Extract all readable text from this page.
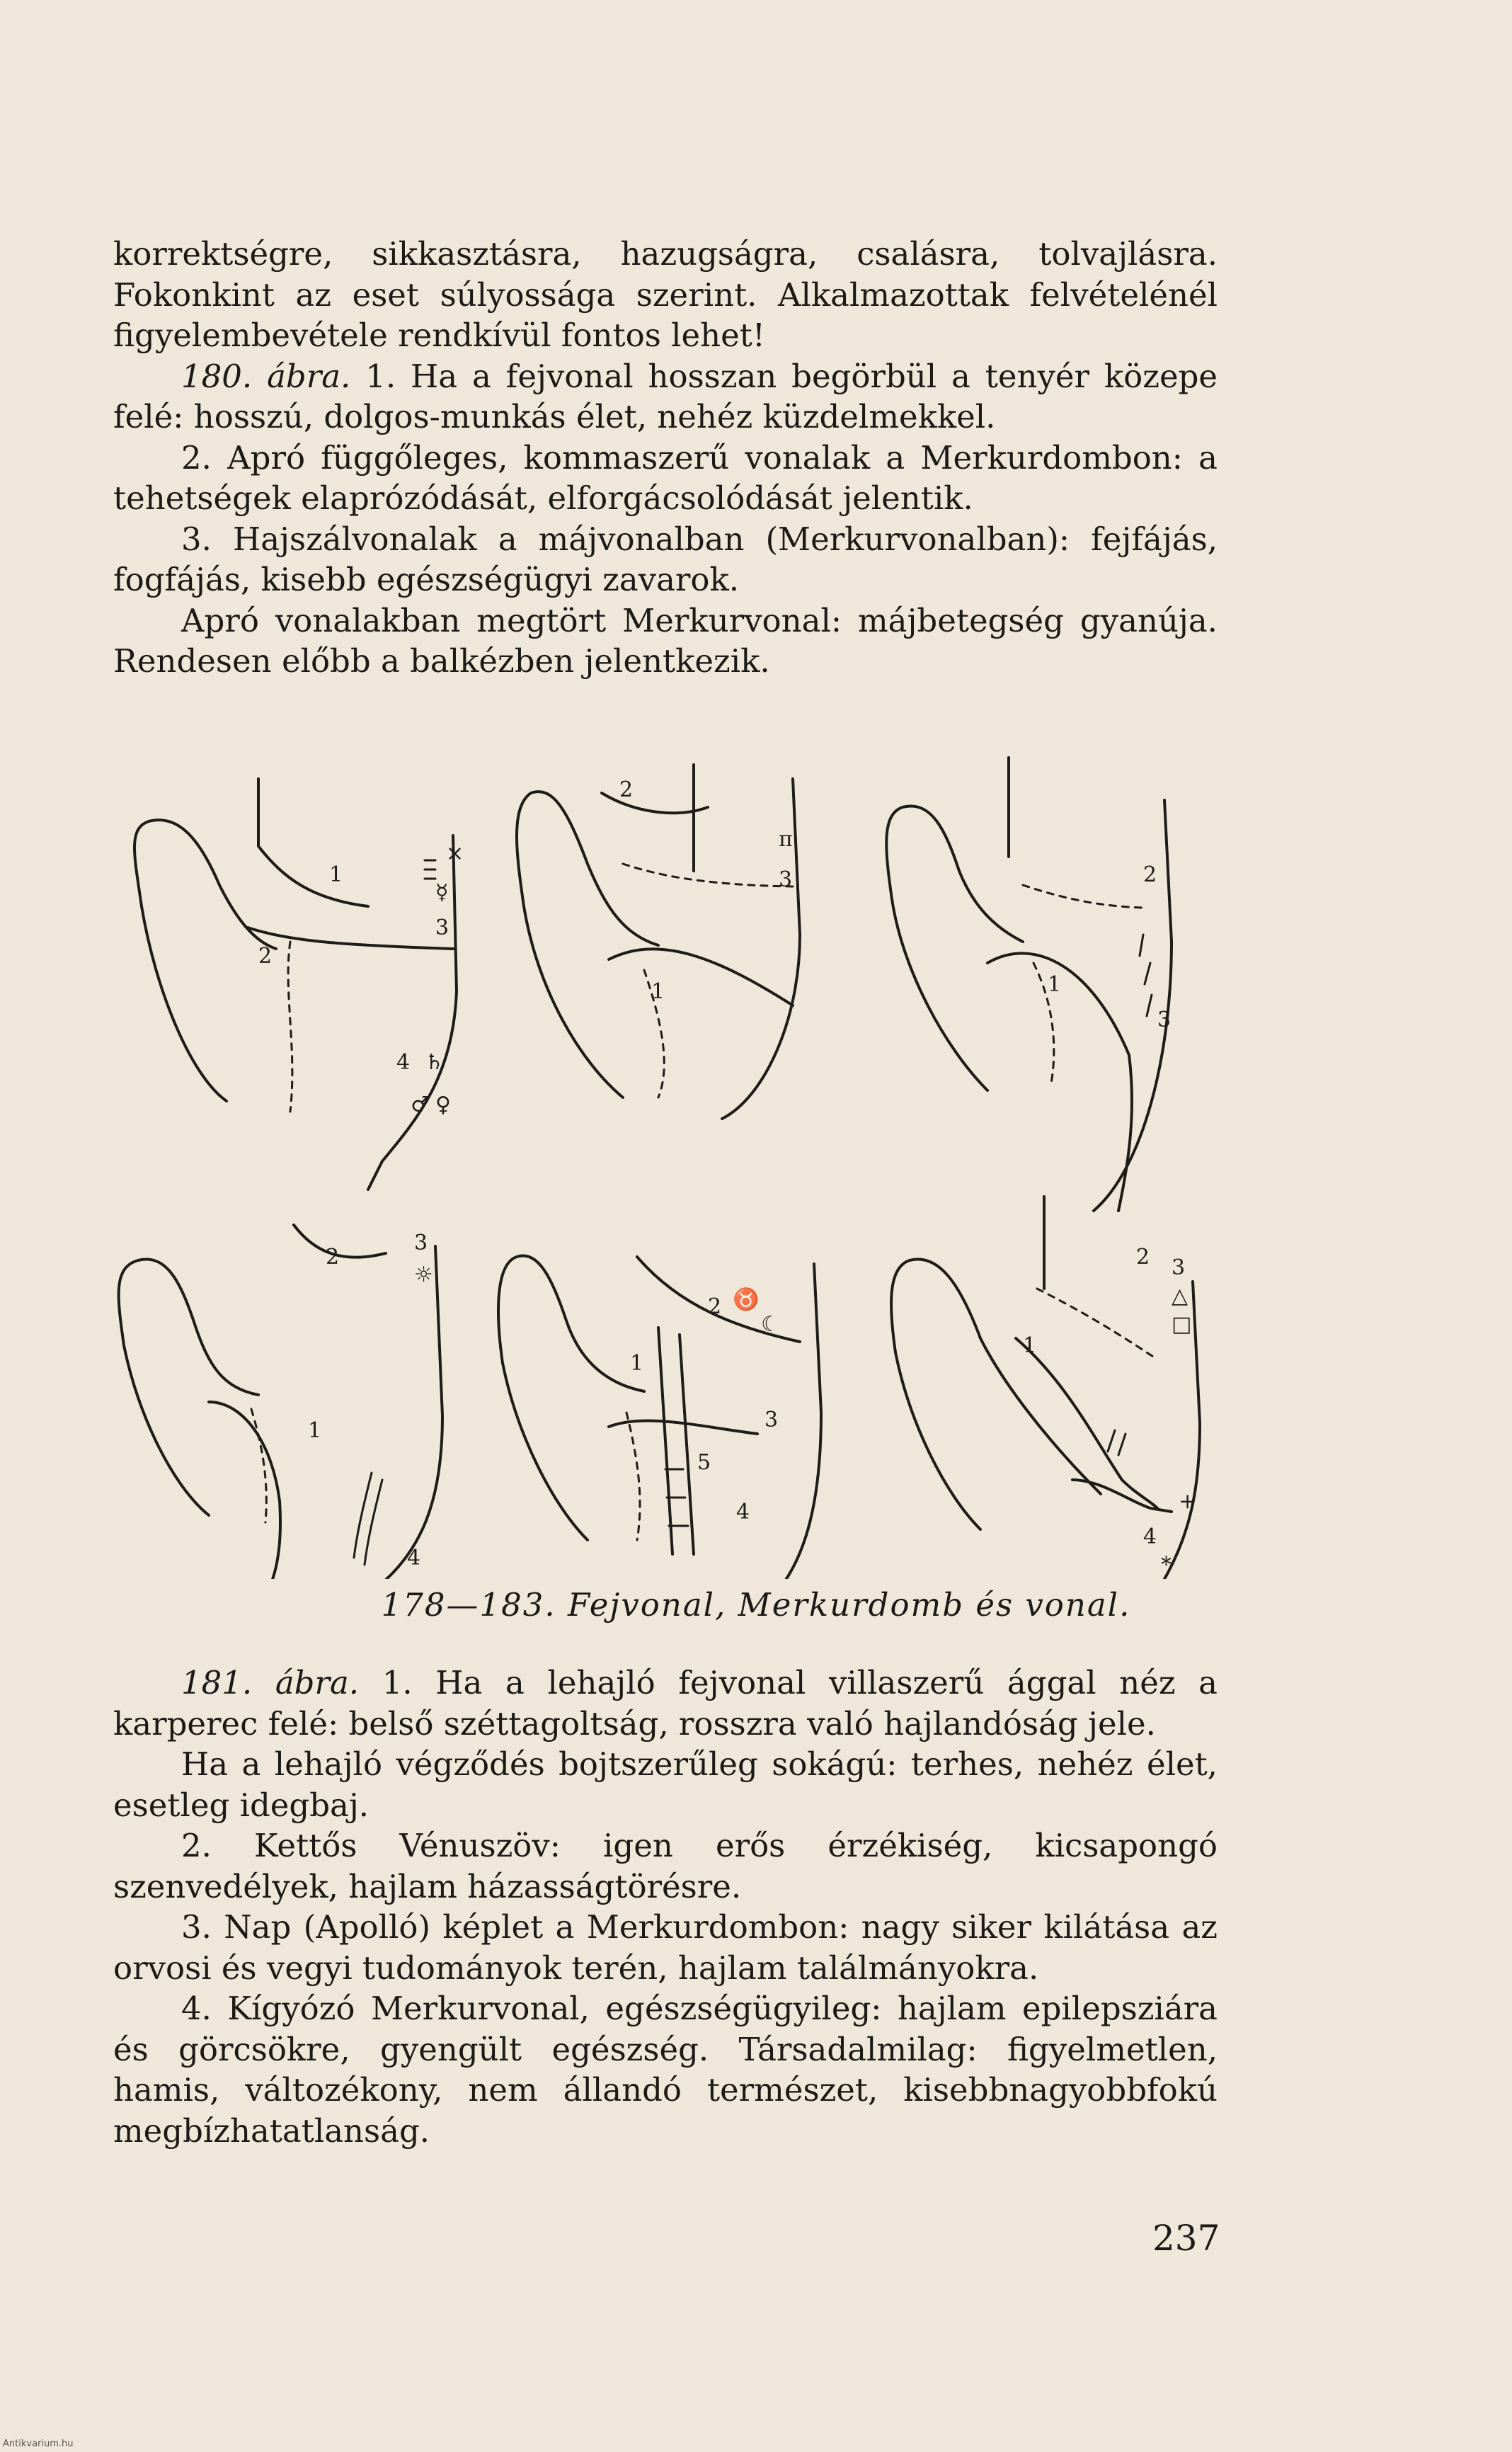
korrektségre, sikkasztásra, hazugságra, csalásra, tolvajlásra. Fokonkint az eset súlyossága szerint. Alkalmazottak felvételénél figyelembevétele rendkívül fontos lehet!

180. ábra. 1. Ha a fejvonal hosszan begörbül a tenyér közepe felé: hosszú, dolgos-munkás élet, nehéz küzdelmekkel.

2. Apró függőleges, kommaszerű vonalak a Merkurdombon: a tehetségek elaprózódását, elforgácsolódását jelentik.

3. Hajszálvonalak a májvonalban (Merkurvonalban): fejfájás, fogfájás, kisebb egészségügyi zavarok.

Apró vonalakban megtört Merkurvonal: májbetegség gyanúja. Rendesen előbb a balkézben jelentkezik.

2
1
3
4
×
☿
♄
♂ ♀
2
1
3
π
2
1
3
2
3
1
4
☼
2
1
3
4
5
☾
♉
2 3
1
4
△
□
+
*
178—183. Fejvonal, Merkurdomb és vonal.

181. ábra. 1. Ha a lehajló fejvonal villaszerű ággal néz a karperec felé: belső széttagoltság, rosszra való hajlandóság jele.

Ha a lehajló végződés bojtszerűleg sokágú: terhes, nehéz élet, esetleg idegbaj.

2. Kettős Vénuszöv: igen erős érzékiség, kicsapongó szenvedélyek, hajlam házasságtörésre.

3. Nap (Apolló) képlet a Merkurdombon: nagy siker kilátása az orvosi és vegyi tudományok terén, hajlam találmányokra.

4. Kígyózó Merkurvonal, egészségügyileg: hajlam epilepsziára és görcsökre, gyengült egészség. Társadalmilag: figyelmetlen, hamis, változékony, nem állandó természet, kisebbnagyobbfokú megbízhatatlanság.

237
Antikvarium.hu
